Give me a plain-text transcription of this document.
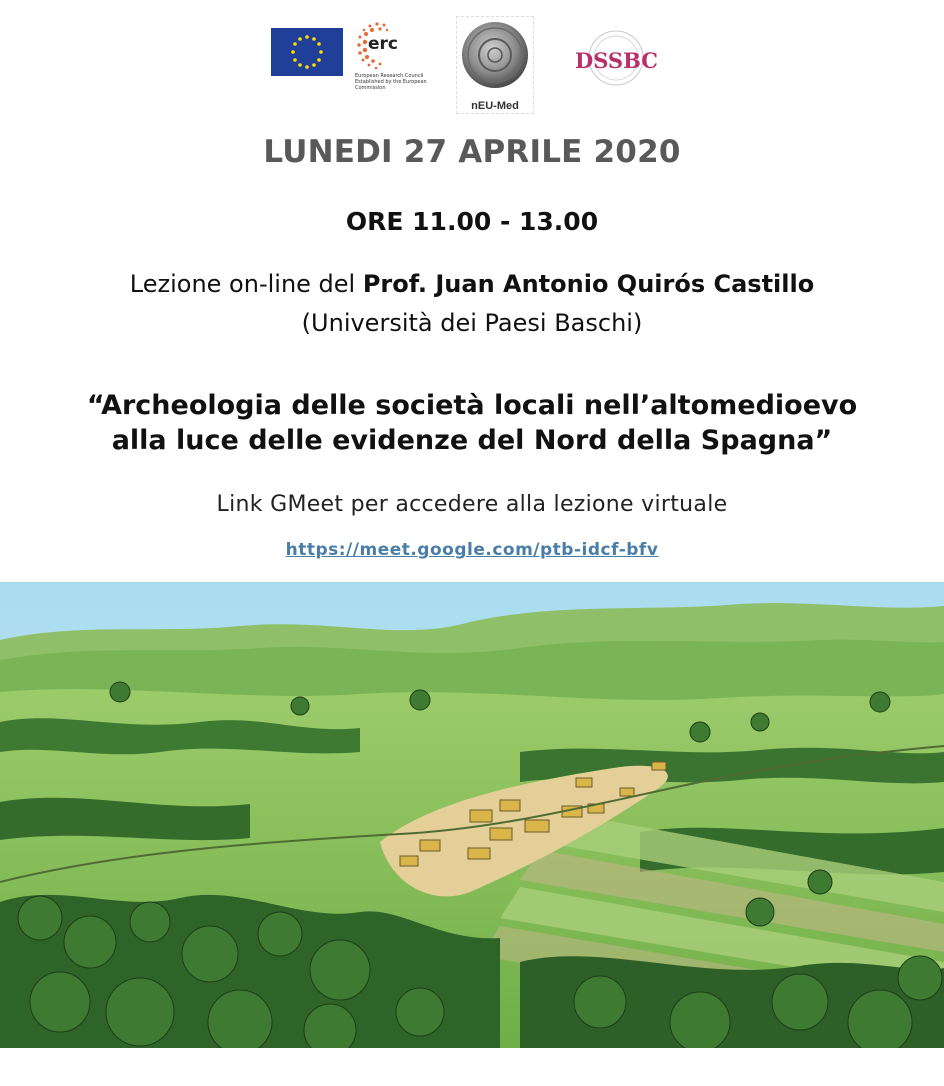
erc
European Research Council
Established by the European Commission
nEU-Med
DSSBC
LUNEDI 27 APRILE 2020
ORE 11.00 - 13.00
Lezione on-line del Prof. Juan Antonio Quirós Castillo
(Università dei Paesi Baschi)
“Archeologia delle società locali nell’altomedioevo
alla luce delle evidenze del Nord della Spagna”
Link GMeet per accedere alla lezione virtuale
https://meet.google.com/ptb-idcf-bfv
